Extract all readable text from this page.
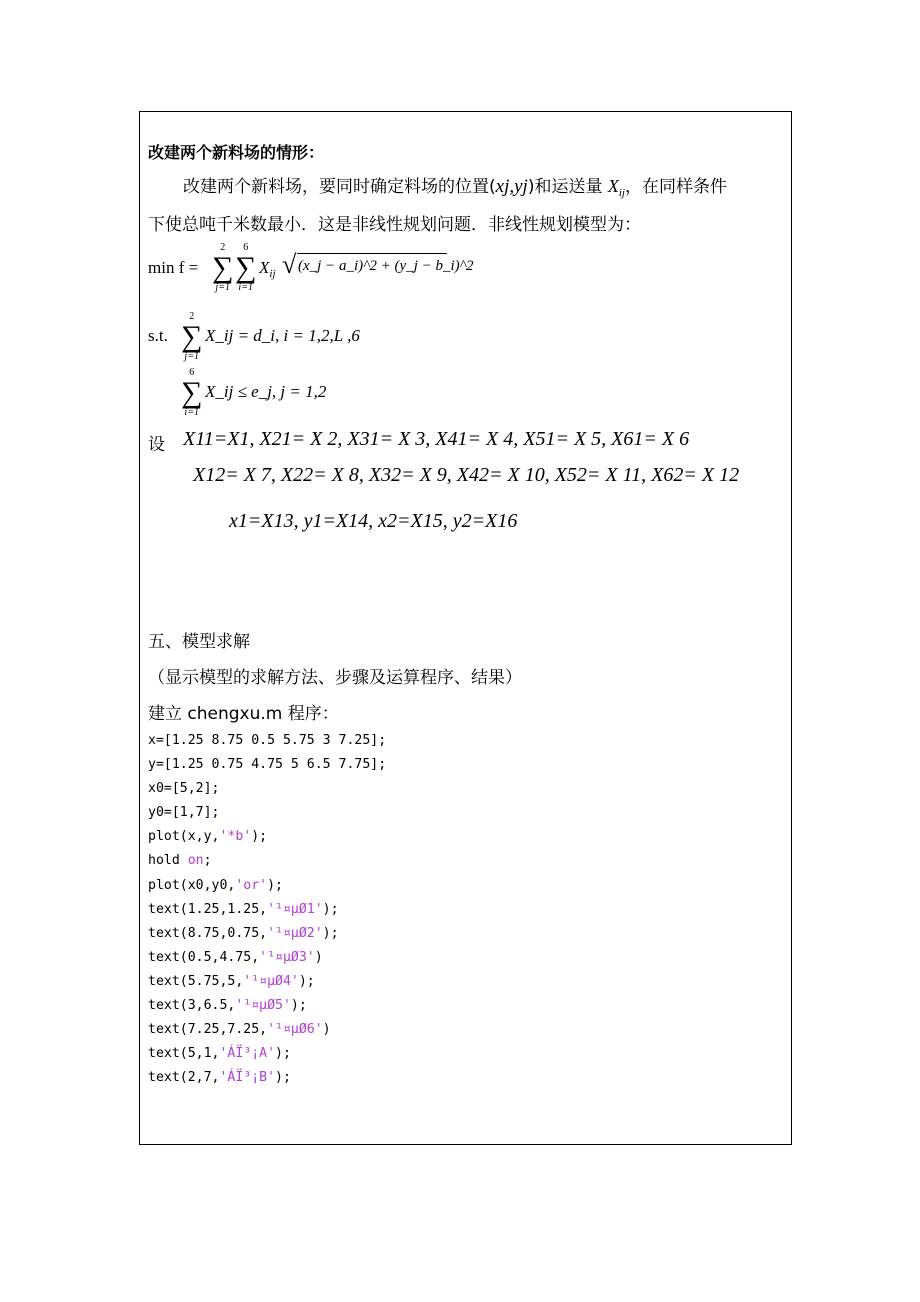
改建两个新料场的情形：
改建两个新料场，要同时确定料场的位置(xj,yj)和运送量 $X_{ij}$，在同样条件
下使总吨千米数最小．这是非线性规划问题．非线性规划模型为：
min f =
2
∑
j=1
6
∑
i=1
$X_{ij}$ √ (x_j − a_i)^2 + (y_j − b_i)^2
s.t.
2
∑
j=1
X_ij = d_i, i = 1,2,L ,6
6
∑
i=1
X_ij ≤ e_j, j = 1,2
设 X11=X1, X21= X 2, X31= X 3, X41= X 4, X51= X 5, X61= X 6
X12= X 7, X22= X 8, X32= X 9, X42= X 10, X52= X 11, X62= X 12
x1=X13, y1=X14, x2=X15, y2=X16
五、模型求解
（显示模型的求解方法、步骤及运算程序、结果）
建立 chengxu.m 程序：
x=[1.25 8.75 0.5 5.75 3 7.25];
y=[1.25 0.75 4.75 5 6.5 7.75];
x0=[5,2];
y0=[1,7];
plot(x,y,'*b');
hold on;
plot(x0,y0,'or');
text(1.25,1.25,'¹¤µØ1');
text(8.75,0.75,'¹¤µØ2');
text(0.5,4.75,'¹¤µØ3')
text(5.75,5,'¹¤µØ4');
text(3,6.5,'¹¤µØ5');
text(7.25,7.25,'¹¤µØ6')
text(5,1,'ÁÏ³¡A');
text(2,7,'ÁÏ³¡B');
